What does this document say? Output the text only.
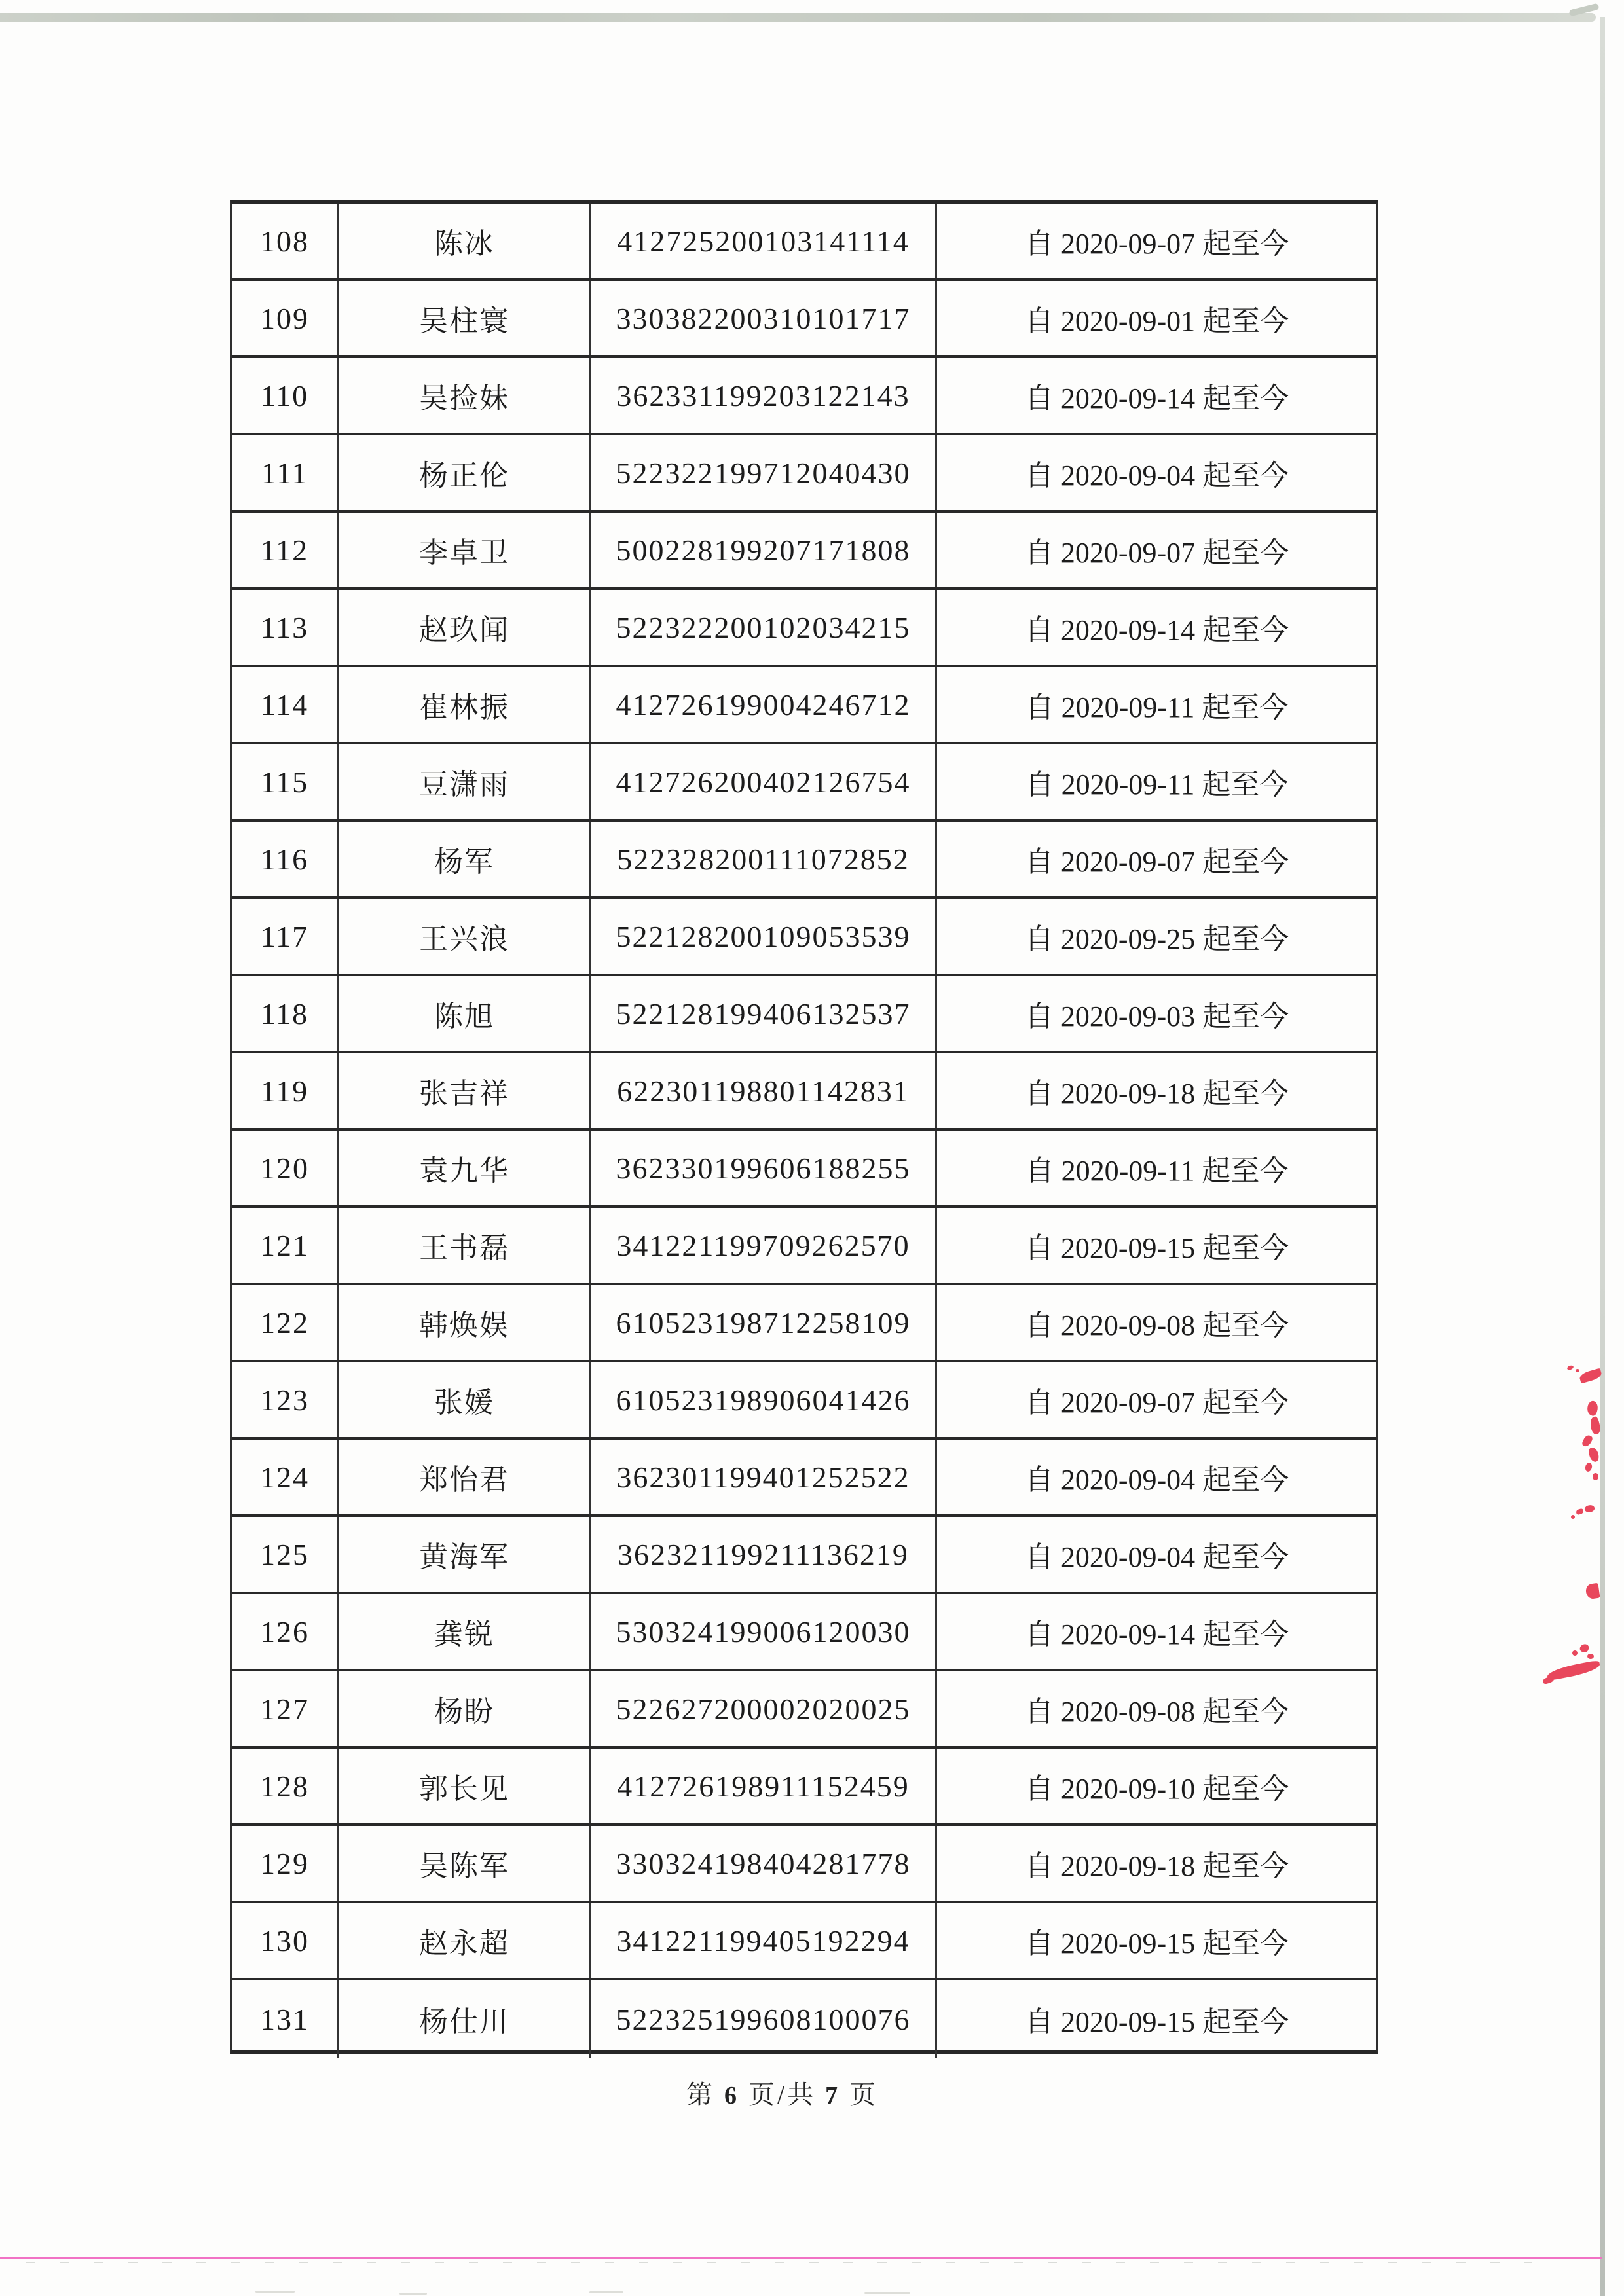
108	陈冰	412725200103141114	自 2020-09-07 起至今
109	吴柱寰	330382200310101717	自 2020-09-01 起至今
110	吴捡妹	362331199203122143	自 2020-09-14 起至今
111	杨正伦	522322199712040430	自 2020-09-04 起至今
112	李卓卫	500228199207171808	自 2020-09-07 起至今
113	赵玖闻	522322200102034215	自 2020-09-14 起至今
114	崔林振	412726199004246712	自 2020-09-11 起至今
115	豆潇雨	412726200402126754	自 2020-09-11 起至今
116	杨军	522328200111072852	自 2020-09-07 起至今
117	王兴浪	522128200109053539	自 2020-09-25 起至今
118	陈旭	522128199406132537	自 2020-09-03 起至今
119	张吉祥	622301198801142831	自 2020-09-18 起至今
120	袁九华	362330199606188255	自 2020-09-11 起至今
121	王书磊	341221199709262570	自 2020-09-15 起至今
122	韩焕娱	610523198712258109	自 2020-09-08 起至今
123	张媛	610523198906041426	自 2020-09-07 起至今
124	郑怡君	362301199401252522	自 2020-09-04 起至今
125	黄海军	362321199211136219	自 2020-09-04 起至今
126	龚锐	530324199006120030	自 2020-09-14 起至今
127	杨盼	522627200002020025	自 2020-09-08 起至今
128	郭长见	412726198911152459	自 2020-09-10 起至今
129	吴陈军	330324198404281778	自 2020-09-18 起至今
130	赵永超	341221199405192294	自 2020-09-15 起至今
131	杨仕川	522325199608100076	自 2020-09-15 起至今
第 6 页/共 7 页
